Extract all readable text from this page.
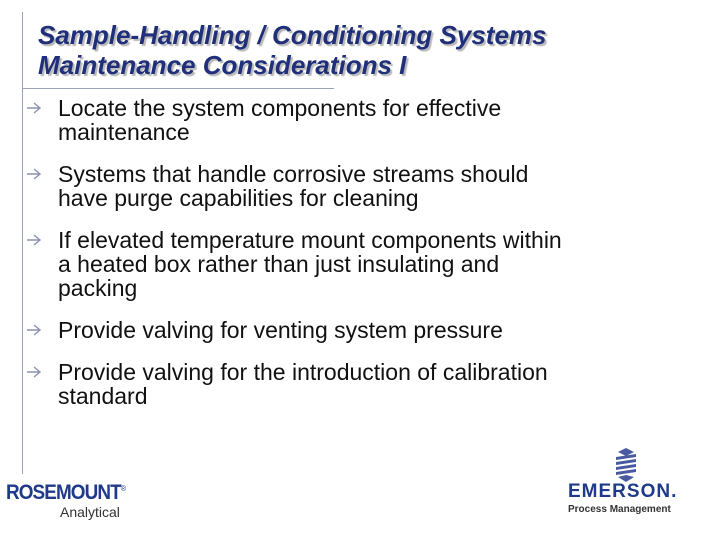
Sample-Handling / Conditioning Systems
Maintenance Considerations I
Locate the system components for effective
maintenance
Systems that handle corrosive streams should
have purge capabilities for cleaning
If elevated temperature mount components within
a heated box rather than just insulating and
packing
Provide valving for venting system pressure
Provide valving for the introduction of calibration
standard
ROSEMOUNT®
Analytical
EMERSON.
Process Management
